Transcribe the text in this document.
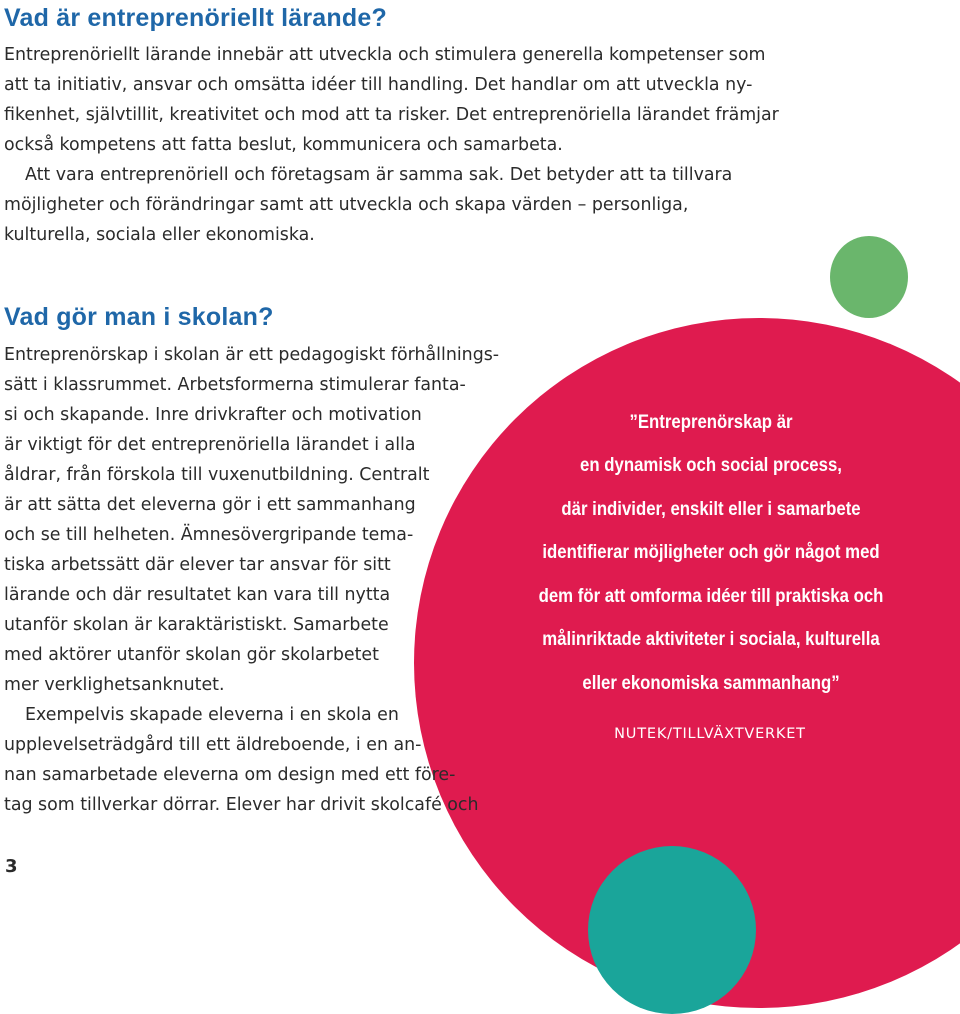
Vad är entreprenöriellt lärande?
Entreprenöriellt lärande innebär att utveckla och stimulera generella kompetenser som
att ta initiativ, ansvar och omsätta idéer till handling. Det handlar om att utveckla ny-
fikenhet, självtillit, kreativitet och mod att ta risker. Det entreprenöriella lärandet främjar
också kompetens att fatta beslut, kommunicera och samarbeta.
Att vara entreprenöriell och företagsam är samma sak. Det betyder att ta tillvara
möjligheter och förändringar samt att utveckla och skapa värden – personliga,
kulturella, sociala eller ekonomiska.
Vad gör man i skolan?
Entreprenörskap i skolan är ett pedagogiskt förhållnings-
sätt i klassrummet. Arbetsformerna stimulerar fanta-
si och skapande. Inre drivkrafter och motivation
är viktigt för det entreprenöriella lärandet i alla
åldrar, från förskola till vuxenutbildning. Centralt
är att sätta det eleverna gör i ett sammanhang
och se till helheten. Ämnesövergripande tema-
tiska arbetssätt där elever tar ansvar för sitt
lärande och där resultatet kan vara till nytta
utanför skolan är karaktäristiskt. Samarbete
med aktörer utanför skolan gör skolarbetet
mer verklighetsanknutet.
Exempelvis skapade eleverna i en skola en
upplevelseträdgård till ett äldreboende, i en an-
nan samarbetade eleverna om design med ett före-
tag som tillverkar dörrar. Elever har drivit skolcafé och
”Entreprenörskap är
en dynamisk och social process,
där individer, enskilt eller i samarbete
identifierar möjligheter och gör något med
dem för att omforma idéer till praktiska och
målinriktade aktiviteter i sociala, kulturella
eller ekonomiska sammanhang”
NUTEK/TILLVÄXTVERKET
3
